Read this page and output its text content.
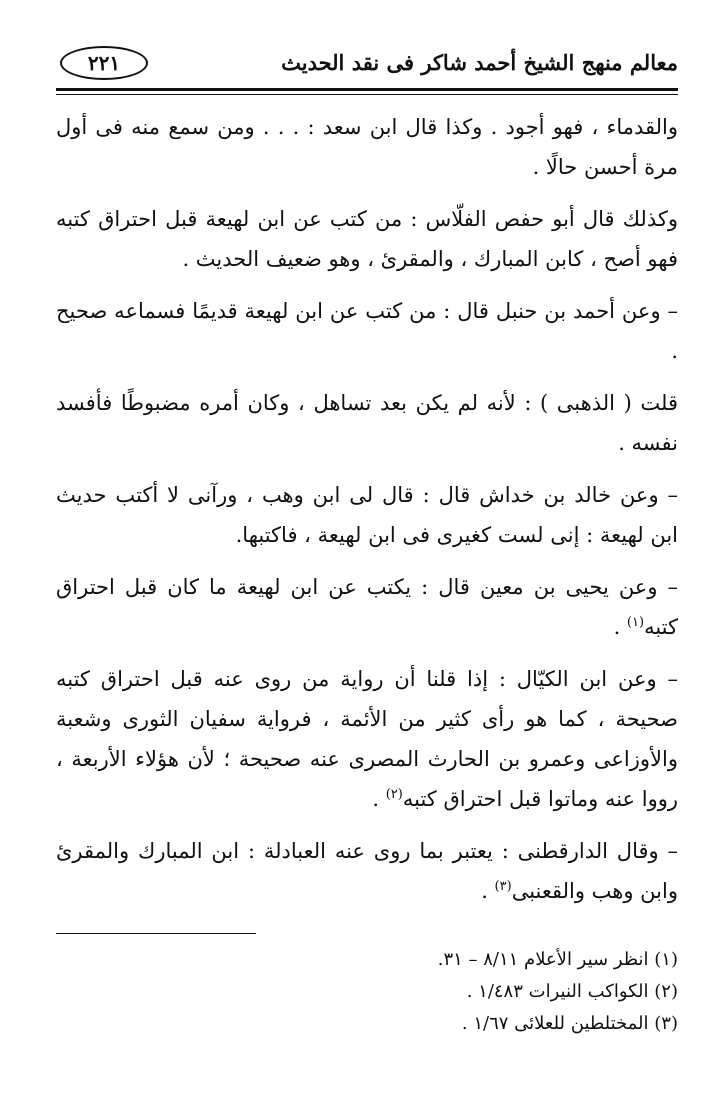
معالم منهج الشيخ أحمد شاكر فى نقد الحديث
٢٢١

والقدماء ، فهو أجود . وكذا قال ابن سعد : . . . ومن سمع منه فى أول مرة أحسن حالًا .

وكذلك قال أبو حفص الفلّاس : من كتب عن ابن لهيعة قبل احتراق كتبه فهو أصح ، كابن المبارك ، والمقرئ ، وهو ضعيف الحديث .

– وعن أحمد بن حنبل قال : من كتب عن ابن لهيعة قديمًا فسماعه صحيح .

قلت ( الذهبى ) : لأنه لم يكن بعد تساهل ، وكان أمره مضبوطًا فأفسد نفسه .

– وعن خالد بن خداش قال : قال لى ابن وهب ، ورآنى لا أكتب حديث ابن لهيعة : إنى لست كغيرى فى ابن لهيعة ، فاكتبها.

– وعن يحيى بن معين قال : يكتب عن ابن لهيعة ما كان قبل احتراق كتبه$^{(١)}$ .

– وعن ابن الكيّال : إذا قلنا أن رواية من روى عنه قبل احتراق كتبه صحيحة ، كما هو رأى كثير من الأئمة ، فرواية سفيان الثورى وشعبة والأوزاعى وعمرو بن الحارث المصرى عنه صحيحة ؛ لأن هؤلاء الأربعة ، رووا عنه وماتوا قبل احتراق كتبه$^{(٢)}$ .

– وقال الدارقطنى : يعتبر بما روى عنه العبادلة : ابن المبارك والمقرئ وابن وهب والقعنبى$^{(٣)}$ .

(١) انظر سير الأعلام ٨/١١ – ٣١.
(٢) الكواكب النيرات ١/٤٨٣ .
(٣) المختلطين للعلائى ١/٦٧ .
